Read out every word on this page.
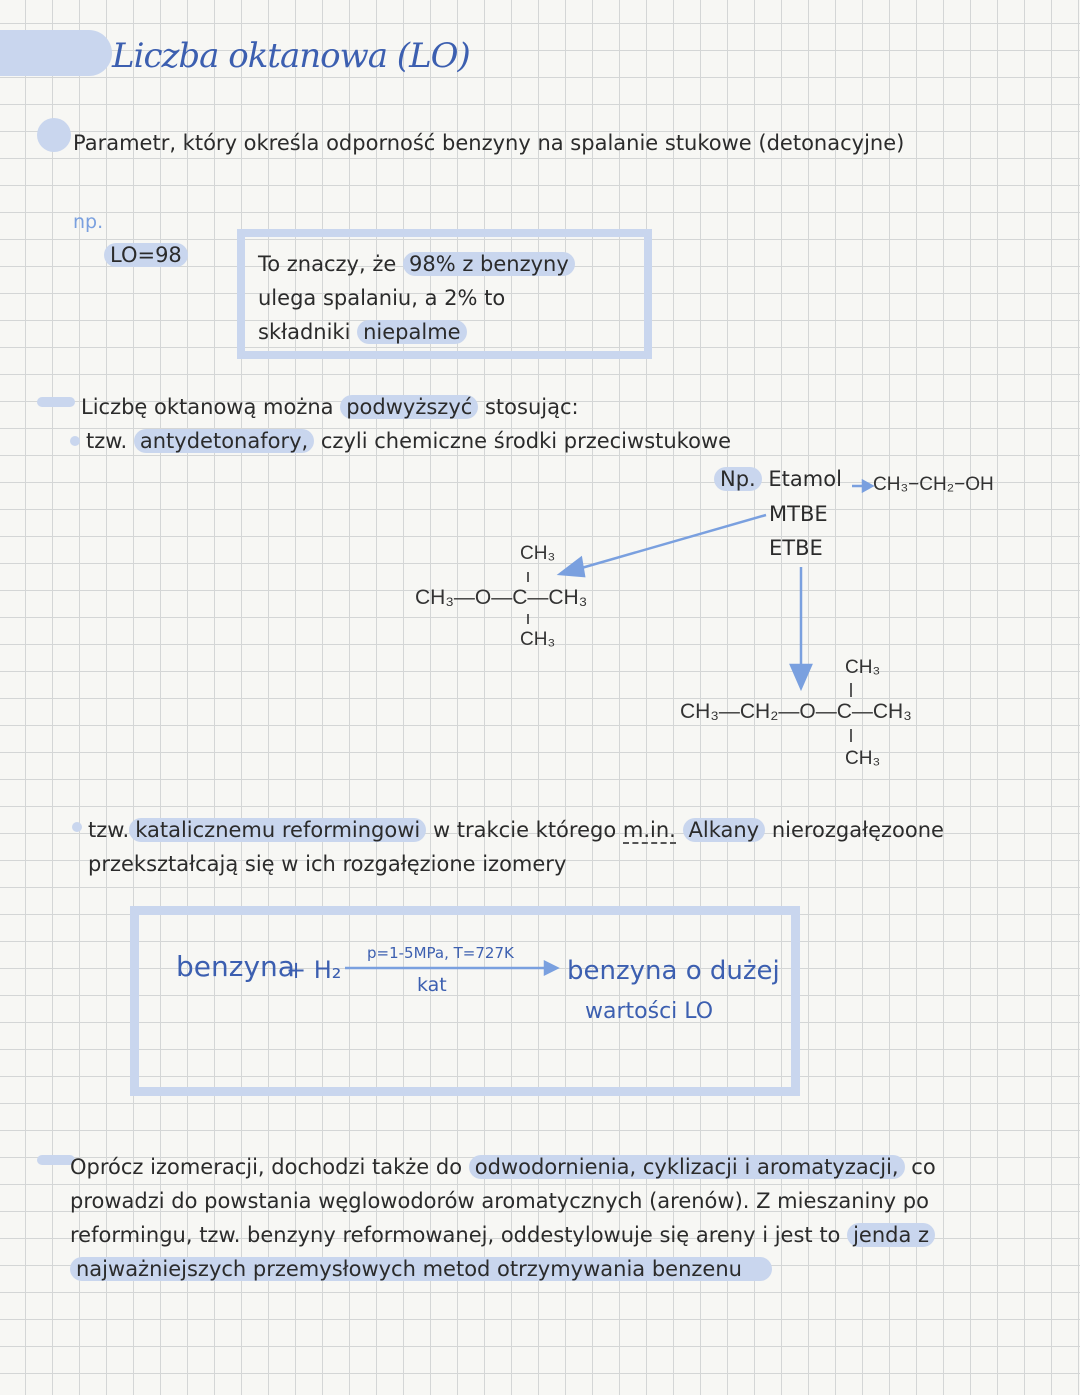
Liczba oktanowa (LO)
Parametr, który określa odporność benzyny na spalanie stukowe (detonacyjne)
np.
LO=98	To znaczy, że 98% z benzyny
ulega spalaniu, a 2% to
składniki niepalme
Liczbę oktanową można podwyższyć stosując:
tzw. antydetonafory, czyli chemiczne środki przeciwstukowe
Np. Etamol CH₃−CH₂−OH
MTBE
ETBE
CH₃
CH₃—O—C—CH₃
CH₃
CH₃
CH₃—CH₂—O—C—CH₃
CH₃
tzw. katalicznemu reformingowi w trakcie którego m.in. Alkany nierozgałęzoone
przekształcają się w ich rozgałęzione izomery
benzyna
+ H₂
p=1-5MPa, T=727K
kat	benzyna o dużej
wartości LO
Oprócz izomeracji, dochodzi także do odwodornienia, cyklizacji i aromatyzacji, co
prowadzi do powstania węglowodorów aromatycznych (arenów). Z mieszaniny po
reformingu, tzw. benzyny reformowanej, oddestylowuje się areny i jest to jenda z
najważniejszych przemysłowych metod otrzymywania benzenu
